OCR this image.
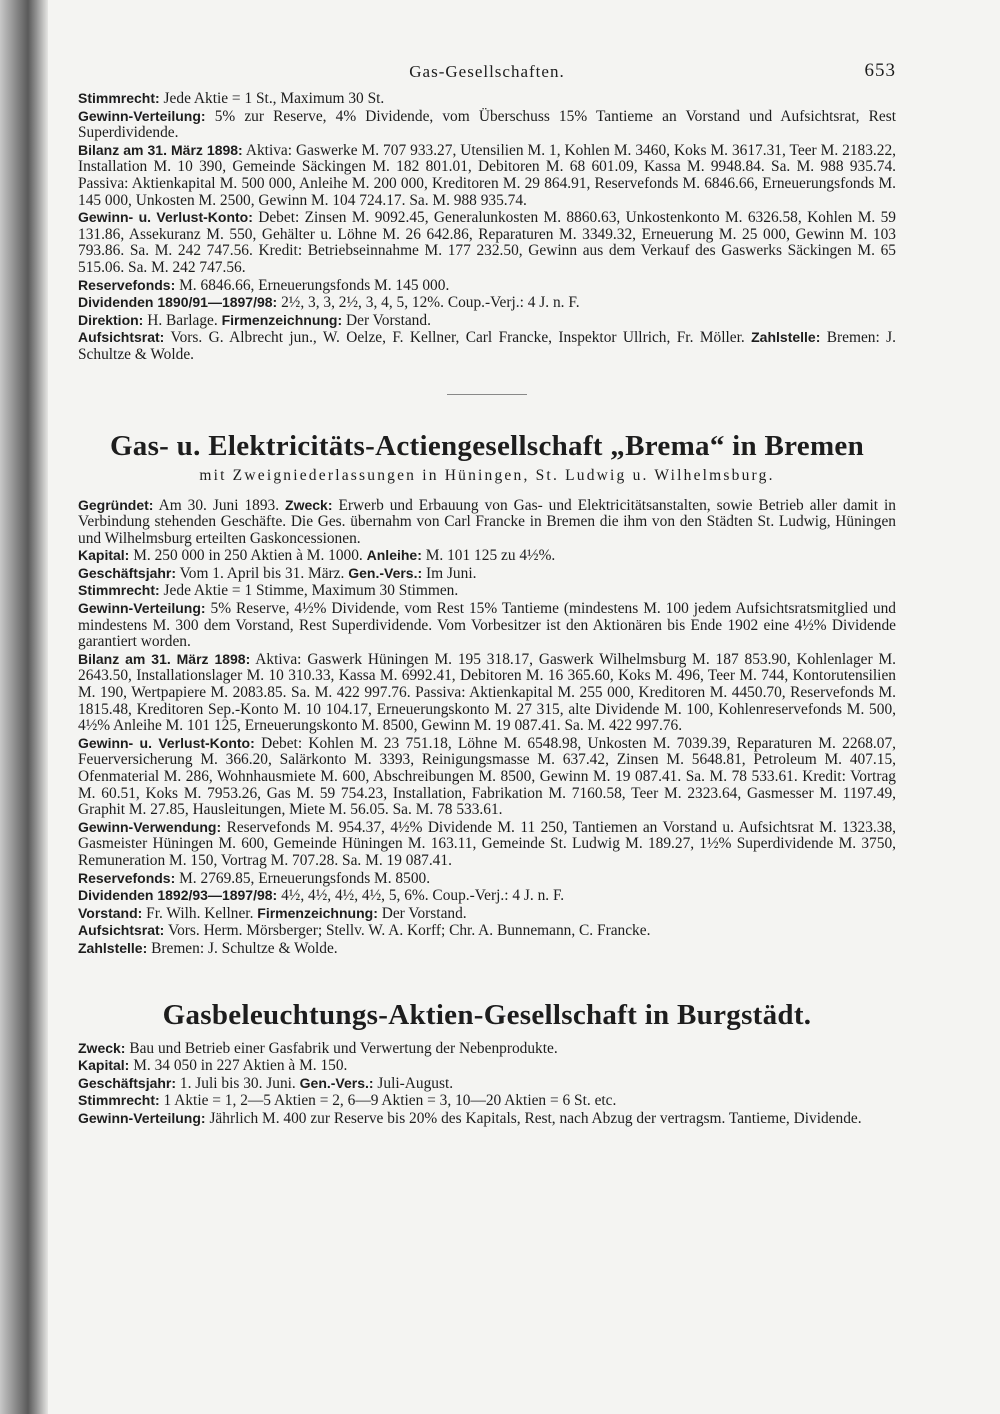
Gas-Gesellschaften.	653
Stimmrecht: Jede Aktie = 1 St., Maximum 30 St.
Gewinn-Verteilung: 5% zur Reserve, 4% Dividende, vom Überschuss 15% Tantieme an Vorstand und Aufsichtsrat, Rest Superdividende.
Bilanz am 31. März 1898: Aktiva: Gaswerke M. 707 933.27, Utensilien M. 1, Kohlen M. 3460, Koks M. 3617.31, Teer M. 2183.22, Installation M. 10 390, Gemeinde Säckingen M. 182 801.01, Debitoren M. 68 601.09, Kassa M. 9948.84. Sa. M. 988 935.74. Passiva: Aktienkapital M. 500 000, Anleihe M. 200 000, Kreditoren M. 29 864.91, Reservefonds M. 6846.66, Erneuerungsfonds M. 145 000, Unkosten M. 2500, Gewinn M. 104 724.17. Sa. M. 988 935.74.
Gewinn- u. Verlust-Konto: Debet: Zinsen M. 9092.45, Generalunkosten M. 8860.63, Unkostenkonto M. 6326.58, Kohlen M. 59 131.86, Assekuranz M. 550, Gehälter u. Löhne M. 26 642.86, Reparaturen M. 3349.32, Erneuerung M. 25 000, Gewinn M. 103 793.86. Sa. M. 242 747.56. Kredit: Betriebseinnahme M. 177 232.50, Gewinn aus dem Verkauf des Gaswerks Säckingen M. 65 515.06. Sa. M. 242 747.56.
Reservefonds: M. 6846.66, Erneuerungsfonds M. 145 000.
Dividenden 1890/91—1897/98: 2½, 3, 3, 2½, 3, 4, 5, 12%. Coup.-Verj.: 4 J. n. F.
Direktion: H. Barlage. Firmenzeichnung: Der Vorstand.
Aufsichtsrat: Vors. G. Albrecht jun., W. Oelze, F. Kellner, Carl Francke, Inspektor Ullrich, Fr. Möller. Zahlstelle: Bremen: J. Schultze & Wolde.
Gas- u. Elektricitäts-Actiengesellschaft „Brema“ in Bremen
mit Zweigniederlassungen in Hüningen, St. Ludwig u. Wilhelmsburg.
Gegründet: Am 30. Juni 1893. Zweck: Erwerb und Erbauung von Gas- und Elektricitätsanstalten, sowie Betrieb aller damit in Verbindung stehenden Geschäfte. Die Ges. übernahm von Carl Francke in Bremen die ihm von den Städten St. Ludwig, Hüningen und Wilhelmsburg erteilten Gaskoncessionen.
Kapital: M. 250 000 in 250 Aktien à M. 1000. Anleihe: M. 101 125 zu 4½%.
Geschäftsjahr: Vom 1. April bis 31. März. Gen.-Vers.: Im Juni.
Stimmrecht: Jede Aktie = 1 Stimme, Maximum 30 Stimmen.
Gewinn-Verteilung: 5% Reserve, 4½% Dividende, vom Rest 15% Tantieme (mindestens M. 100 jedem Aufsichtsratsmitglied und mindestens M. 300 dem Vorstand, Rest Superdividende. Vom Vorbesitzer ist den Aktionären bis Ende 1902 eine 4½% Dividende garantiert worden.
Bilanz am 31. März 1898: Aktiva: Gaswerk Hüningen M. 195 318.17, Gaswerk Wilhelmsburg M. 187 853.90, Kohlenlager M. 2643.50, Installationslager M. 10 310.33, Kassa M. 6992.41, Debitoren M. 16 365.60, Koks M. 496, Teer M. 744, Kontorutensilien M. 190, Wertpapiere M. 2083.85. Sa. M. 422 997.76. Passiva: Aktienkapital M. 255 000, Kreditoren M. 4450.70, Reservefonds M. 1815.48, Kreditoren Sep.-Konto M. 10 104.17, Erneuerungskonto M. 27 315, alte Dividende M. 100, Kohlenreservefonds M. 500, 4½% Anleihe M. 101 125, Erneuerungskonto M. 8500, Gewinn M. 19 087.41. Sa. M. 422 997.76.
Gewinn- u. Verlust-Konto: Debet: Kohlen M. 23 751.18, Löhne M. 6548.98, Unkosten M. 7039.39, Reparaturen M. 2268.07, Feuerversicherung M. 366.20, Salärkonto M. 3393, Reinigungsmasse M. 637.42, Zinsen M. 5648.81, Petroleum M. 407.15, Ofenmaterial M. 286, Wohnhausmiete M. 600, Abschreibungen M. 8500, Gewinn M. 19 087.41. Sa. M. 78 533.61. Kredit: Vortrag M. 60.51, Koks M. 7953.26, Gas M. 59 754.23, Installation, Fabrikation M. 7160.58, Teer M. 2323.64, Gasmesser M. 1197.49, Graphit M. 27.85, Hausleitungen, Miete M. 56.05. Sa. M. 78 533.61.
Gewinn-Verwendung: Reservefonds M. 954.37, 4½% Dividende M. 11 250, Tantiemen an Vorstand u. Aufsichtsrat M. 1323.38, Gasmeister Hüningen M. 600, Gemeinde Hüningen M. 163.11, Gemeinde St. Ludwig M. 189.27, 1½% Superdividende M. 3750, Remuneration M. 150, Vortrag M. 707.28. Sa. M. 19 087.41.
Reservefonds: M. 2769.85, Erneuerungsfonds M. 8500.
Dividenden 1892/93—1897/98: 4½, 4½, 4½, 4½, 5, 6%. Coup.-Verj.: 4 J. n. F.
Vorstand: Fr. Wilh. Kellner. Firmenzeichnung: Der Vorstand.
Aufsichtsrat: Vors. Herm. Mörsberger; Stellv. W. A. Korff; Chr. A. Bunnemann, C. Francke.
Zahlstelle: Bremen: J. Schultze & Wolde.
Gasbeleuchtungs-Aktien-Gesellschaft in Burgstädt.
Zweck: Bau und Betrieb einer Gasfabrik und Verwertung der Nebenprodukte.
Kapital: M. 34 050 in 227 Aktien à M. 150.
Geschäftsjahr: 1. Juli bis 30. Juni. Gen.-Vers.: Juli-August.
Stimmrecht: 1 Aktie = 1, 2—5 Aktien = 2, 6—9 Aktien = 3, 10—20 Aktien = 6 St. etc.
Gewinn-Verteilung: Jährlich M. 400 zur Reserve bis 20% des Kapitals, Rest, nach Abzug der vertragsm. Tantieme, Dividende.
